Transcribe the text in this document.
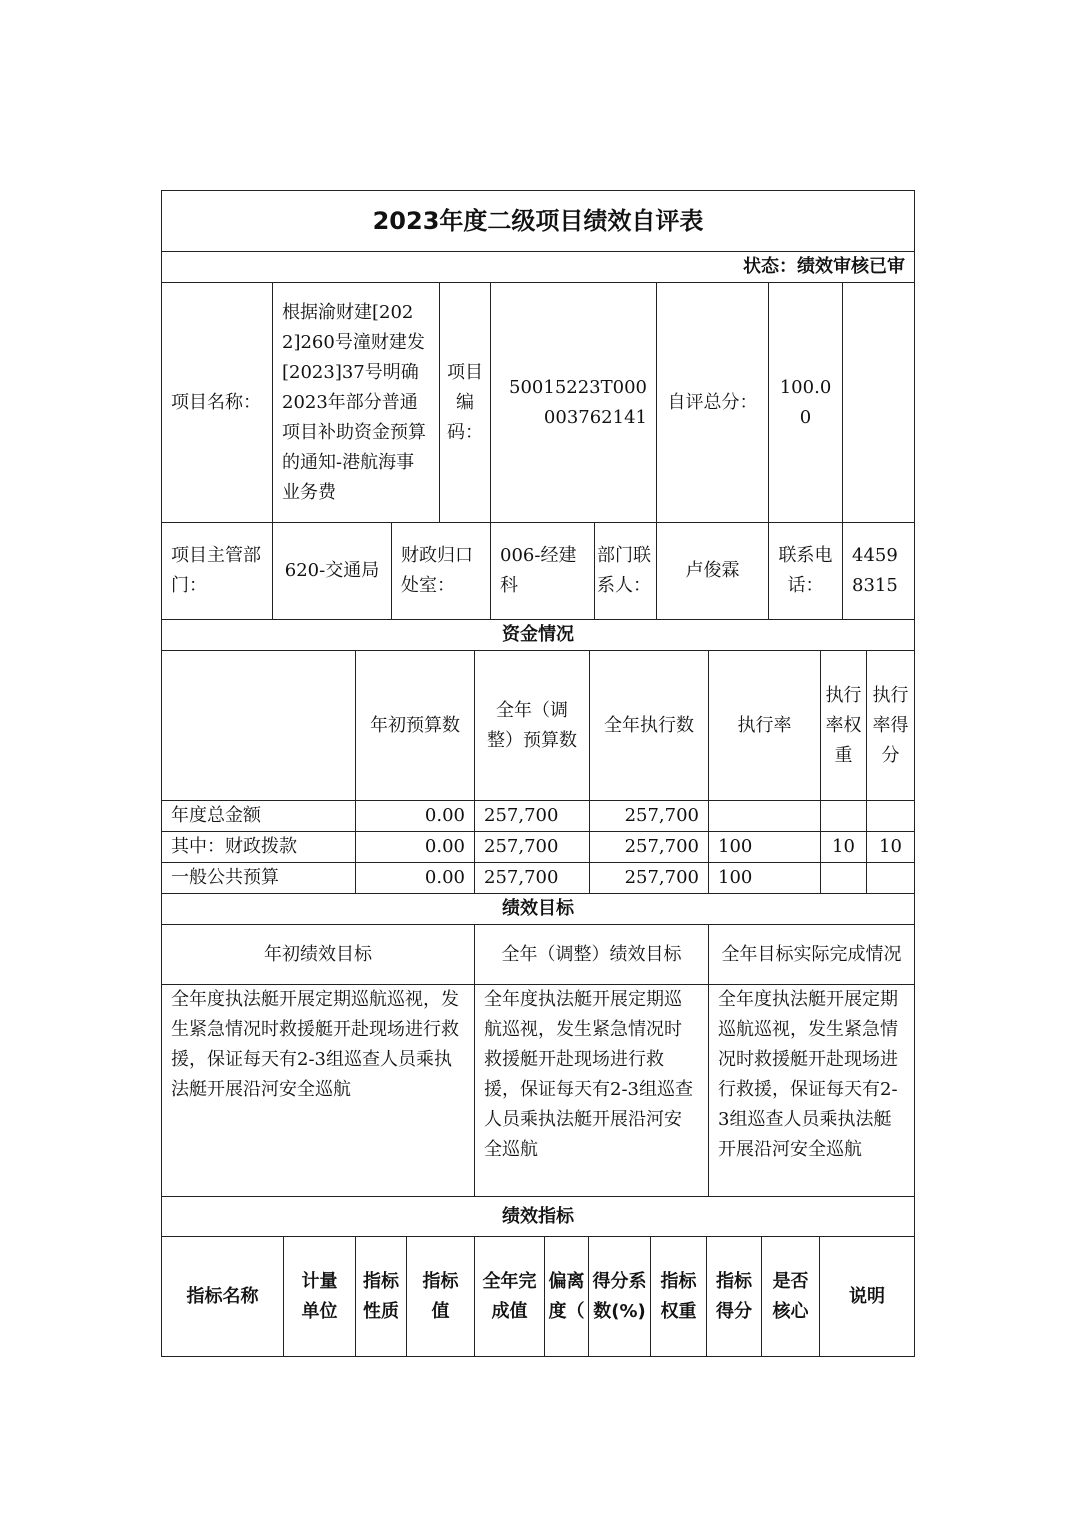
2023年度二级项目绩效自评表								
状态：绩效审核已审								
项目名称：	根据渝财建[2022]260号潼财建发[2023]37号明确2023年部分普通项目补助资金预算的通知-港航海事业务费		项目编码：	50015223T000003762141		自评总分：	100.00	
项目主管部门：	620-交通局	财政归口处室：		006-经建科	部门联系人：	卢俊霖	联系电话：	44598315
资金情况						
	年初预算数	全年（调整）预算数	全年执行数	执行率	执行率权重	执行率得分
年度总金额	0.00	257,700	257,700			
其中：财政拨款	0.00	257,700	257,700	100	10	10
一般公共预算	0.00	257,700	257,700	100		
绩效目标		
年初绩效目标	全年（调整）绩效目标	全年目标实际完成情况
全年度执法艇开展定期巡航巡视，发生紧急情况时救援艇开赴现场进行救援，保证每天有2-3组巡查人员乘执法艇开展沿河安全巡航	全年度执法艇开展定期巡航巡视，发生紧急情况时救援艇开赴现场进行救援，保证每天有2-3组巡查人员乘执法艇开展沿河安全巡航	全年度执法艇开展定期巡航巡视，发生紧急情况时救援艇开赴现场进行救援，保证每天有2-3组巡查人员乘执法艇开展沿河安全巡航
绩效指标
指标名称	计量单位	指标性质	指标值	全年完成值	偏离度（	得分系数(%)	指标权重	指标得分	是否核心	说明
